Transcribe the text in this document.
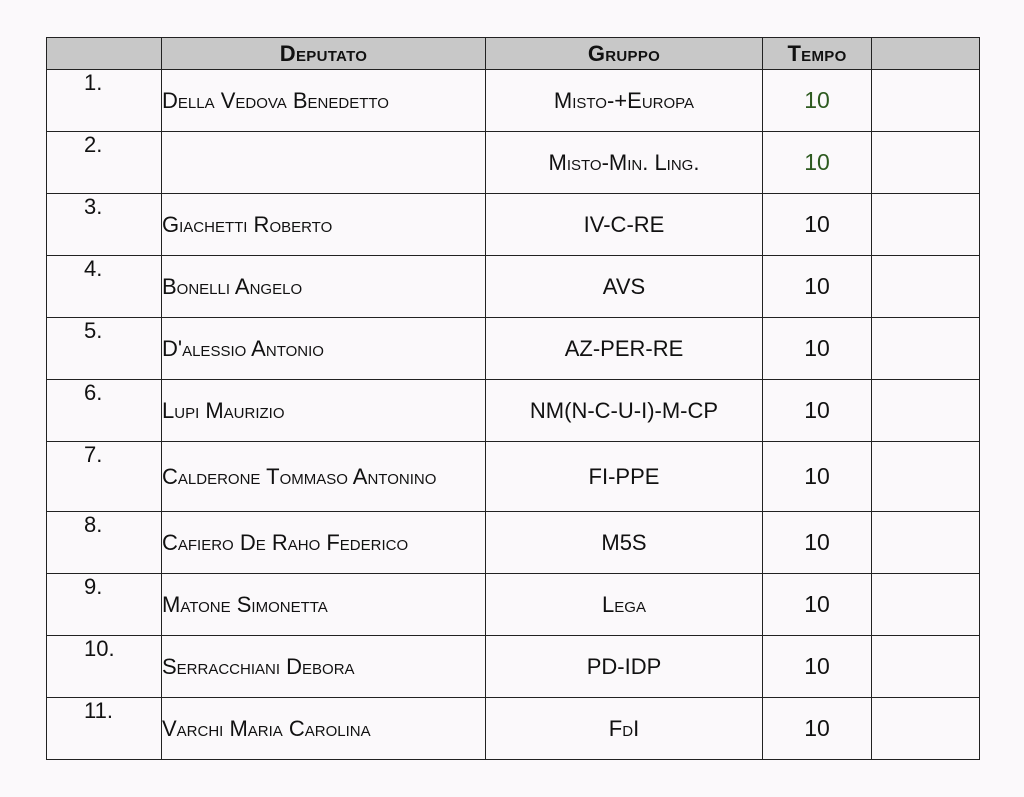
	Deputato	Gruppo	Tempo	
1.	Della Vedova Benedetto	Misto-+Europa	10	
2.		Misto-Min. Ling.	10	
3.	Giachetti Roberto	IV-C-RE	10	
4.	Bonelli Angelo	AVS	10	
5.	D'alessio Antonio	AZ-PER-RE	10	
6.	Lupi Maurizio	NM(N-C-U-I)-M-CP	10	
7.	Calderone Tommaso Antonino	FI-PPE	10	
8.	Cafiero De Raho Federico	M5S	10	
9.	Matone Simonetta	Lega	10	
10.	Serracchiani Debora	PD-IDP	10	
11.	Varchi Maria Carolina	FdI	10	
